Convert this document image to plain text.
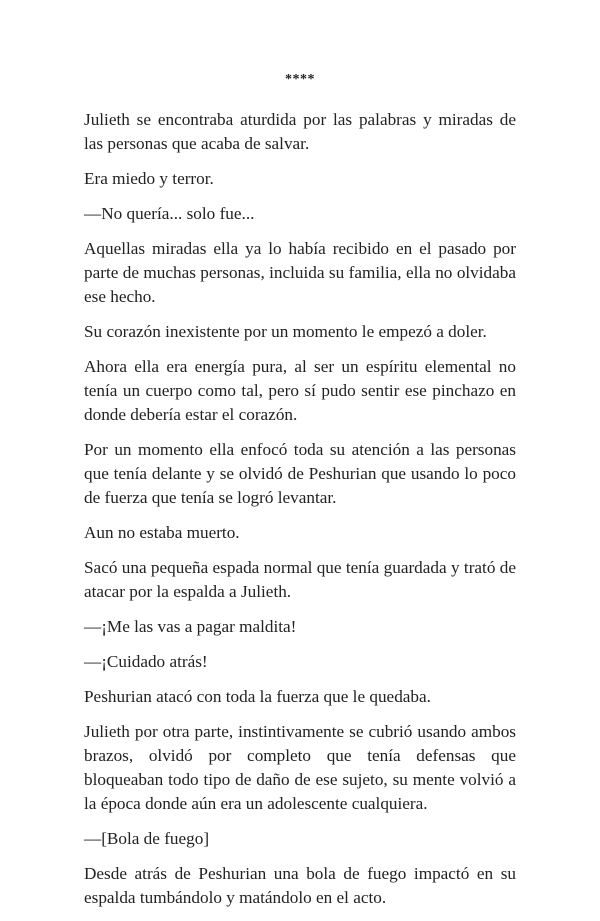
****

Julieth se encontraba aturdida por las palabras y miradas de las personas que acaba de salvar.

Era miedo y terror.

—No quería... solo fue...

Aquellas miradas ella ya lo había recibido en el pasado por parte de muchas personas, incluida su familia, ella no olvidaba ese hecho.

Su corazón inexistente por un momento le empezó a doler.

Ahora ella era energía pura, al ser un espíritu elemental no tenía un cuerpo como tal, pero sí pudo sentir ese pinchazo en donde debería estar el corazón.

Por un momento ella enfocó toda su atención a las personas que tenía delante y se olvidó de Peshurian que usando lo poco de fuerza que tenía se logró levantar.

Aun no estaba muerto.

Sacó una pequeña espada normal que tenía guardada y trató de atacar por la espalda a Julieth.

—¡Me las vas a pagar maldita!

—¡Cuidado atrás!

Peshurian atacó con toda la fuerza que le quedaba.

Julieth por otra parte, instintivamente se cubrió usando ambos brazos, olvidó por completo que tenía defensas que bloqueaban todo tipo de daño de ese sujeto, su mente volvió a la época donde aún era un adolescente cualquiera.

—[Bola de fuego]

Desde atrás de Peshurian una bola de fuego impactó en su espalda tumbándolo y matándolo en el acto.
